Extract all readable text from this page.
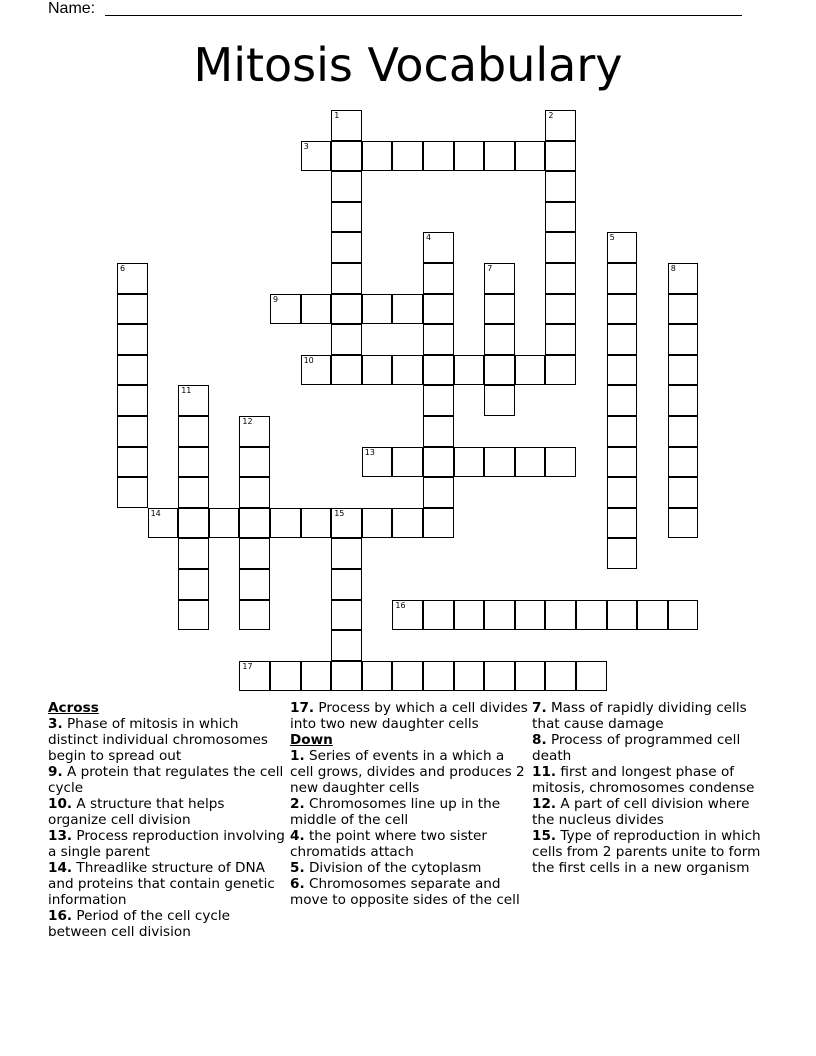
Name:
Mitosis Vocabulary
1	2
3
4	5
6	7	8
9
10
11
12
13
14	15
16
17
Across
3. Phase of mitosis in which distinct individual chromosomes begin to spread out
9. A protein that regulates the cell cycle
10. A structure that helps organize cell division
13. Process reproduction involving a single parent
14. Threadlike structure of DNA and proteins that contain genetic information
16. Period of the cell cycle between cell division
17. Process by which a cell divides into two new daughter cells
Down
1. Series of events in a which a cell grows, divides and produces 2 new daughter cells
2. Chromosomes line up in the middle of the cell
4. the point where two sister chromatids attach
5. Division of the cytoplasm
6. Chromosomes separate and move to opposite sides of the cell
7. Mass of rapidly dividing cells that cause damage
8. Process of programmed cell death
11. first and longest phase of mitosis, chromosomes condense
12. A part of cell division where the nucleus divides
15. Type of reproduction in which cells from 2 parents unite to form the first cells in a new organism
